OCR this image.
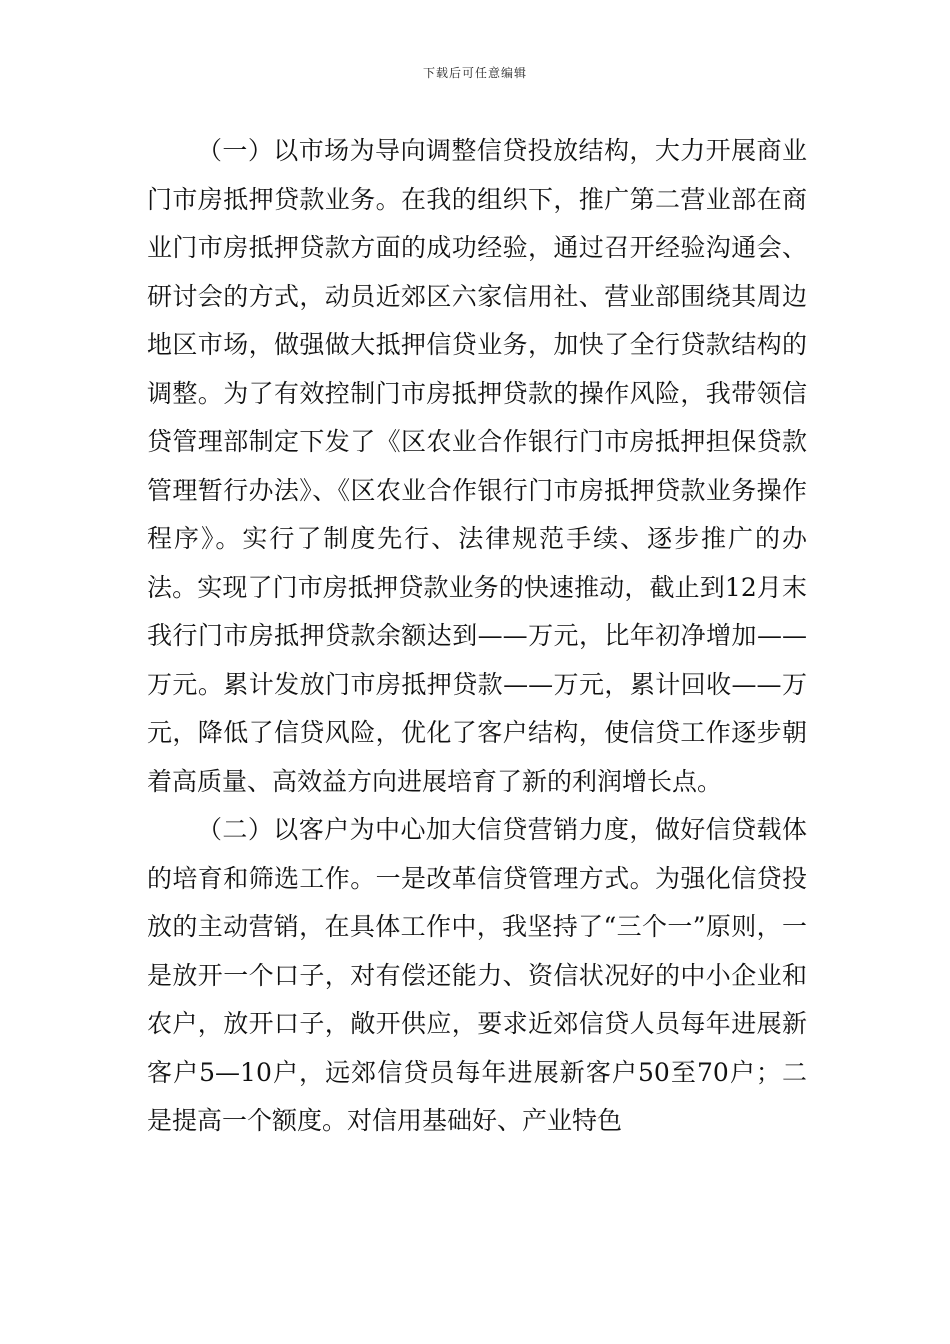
下载后可任意编辑

（一）以市场为导向调整信贷投放结构，大力开展商业门市房抵押贷款业务。在我的组织下，推广第二营业部在商业门市房抵押贷款方面的成功经验，通过召开经验沟通会、研讨会的方式，动员近郊区六家信用社、营业部围绕其周边地区市场，做强做大抵押信贷业务，加快了全行贷款结构的调整。为了有效控制门市房抵押贷款的操作风险，我带领信贷管理部制定下发了《区农业合作银行门市房抵押担保贷款管理暂行办法》、《区农业合作银行门市房抵押贷款业务操作程序》。实行了制度先行、法律规范手续、逐步推广的办法。实现了门市房抵押贷款业务的快速推动，截止到12月末我行门市房抵押贷款余额达到——万元，比年初净增加——万元。累计发放门市房抵押贷款——万元，累计回收——万元，降低了信贷风险，优化了客户结构，使信贷工作逐步朝着高质量、高效益方向进展培育了新的利润增长点。

（二）以客户为中心加大信贷营销力度，做好信贷载体的培育和筛选工作。一是改革信贷管理方式。为强化信贷投放的主动营销，在具体工作中，我坚持了“三个一”原则，一是放开一个口子，对有偿还能力、资信状况好的中小企业和农户，放开口子，敞开供应，要求近郊信贷人员每年进展新客户5—10户，远郊信贷员每年进展新客户50至70户；二是提高一个额度。对信用基础好、产业特色
